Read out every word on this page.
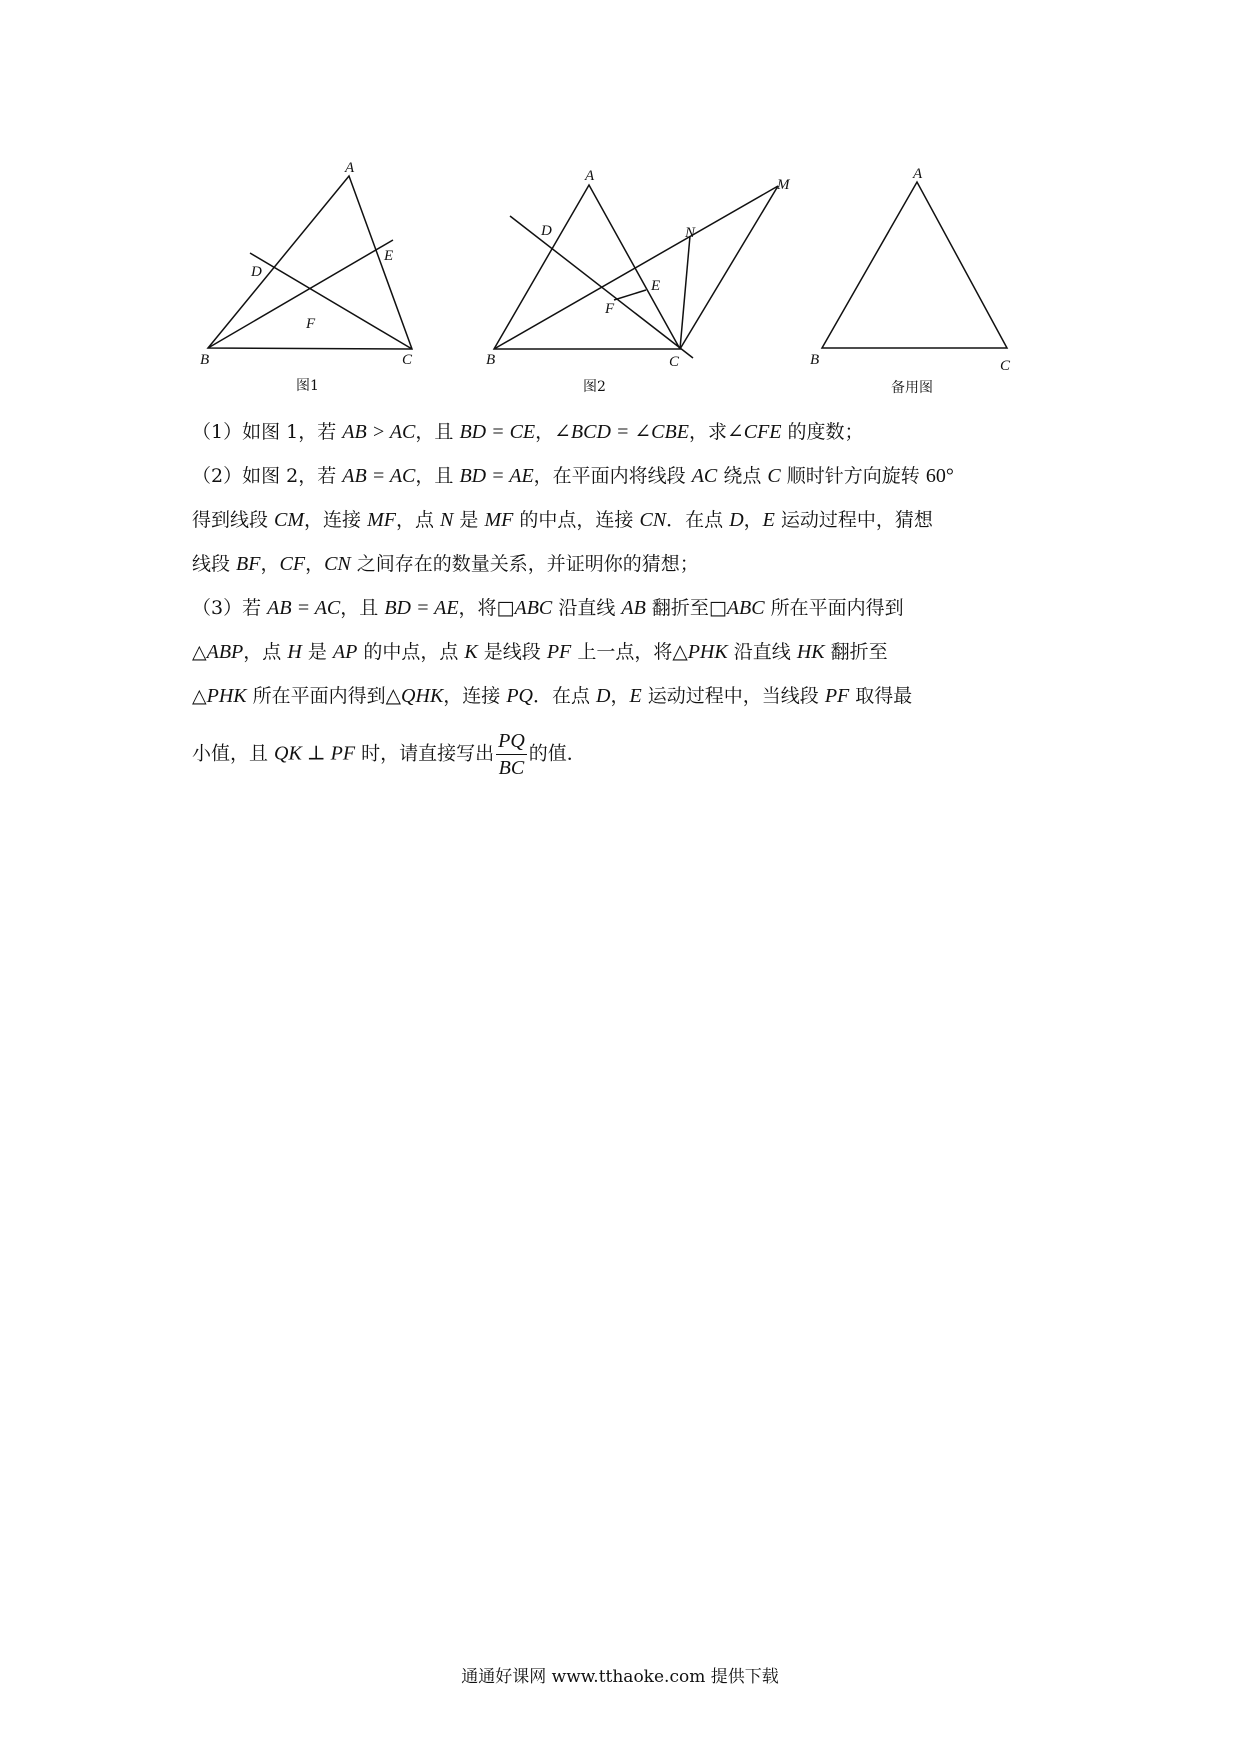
A
B	C
D
E
F
图1
A
B	C
D
E
F
M
N
图2
A
B	C
备用图

（1）如图 1，若 AB > AC，且 BD = CE，∠BCD = ∠CBE，求∠CFE 的度数；

（2）如图 2，若 AB = AC，且 BD = AE，在平面内将线段 AC 绕点 C 顺时针方向旋转 60°

得到线段 CM，连接 MF，点 N 是 MF 的中点，连接 CN．在点 D，E 运动过程中，猜想

线段 BF，CF，CN 之间存在的数量关系，并证明你的猜想；

（3）若 AB = AC，且 BD = AE，将□ABC 沿直线 AB 翻折至□ABC 所在平面内得到

△ABP，点 H 是 AP 的中点，点 K 是线段 PF 上一点，将△PHK 沿直线 HK 翻折至

△PHK 所在平面内得到△QHK，连接 PQ．在点 D，E 运动过程中，当线段 PF 取得最

小值，且 QK ⊥ PF 时，请直接写出 $\frac{PQ}{BC}$ 的值．

通通好课网 www.tthaoke.com 提供下载
